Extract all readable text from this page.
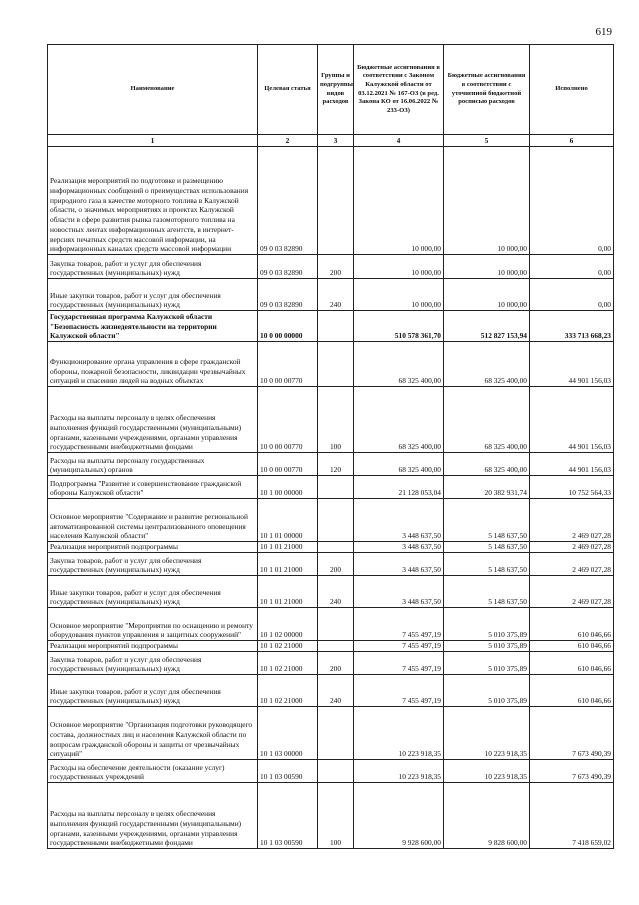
619
Наименование	Целевая статья	Группы и подгруппы видов расходов	Бюджетные ассигнования в соответствии с Законом Калужской области от 03.12.2021 № 167-ОЗ (в ред. Закона КО от 16.06.2022 № 233-ОЗ)	Бюджетные ассигнования в соответствии с уточненной бюджетной росписью расходов	Исполнено
1	2	3	4	5	6
Реализация мероприятий по подготовке и размещению информационных сообщений о преимуществах использования природного газа в качестве моторного топлива в Калужской области, о значимых мероприятиях и проектах Калужской области в сфере развития рынка газомоторного топлива на новостных лентах информационных агентств, в интернет-версиях печатных средств массовой информации, на информационных каналах средств массовой информации	09 0 03 82890		10 000,00	10 000,00	0,00
Закупка товаров, работ и услуг для обеспечения государственных (муниципальных) нужд	09 0 03 82890	200	10 000,00	10 000,00	0,00
Иные закупки товаров, работ и услуг для обеспечения государственных (муниципальных) нужд	09 0 03 82890	240	10 000,00	10 000,00	0,00
Государственная программа Калужской области "Безопасность жизнедеятельности на территории Калужской области"	10 0 00 00000		510 578 361,70	512 827 153,94	333 713 668,23
Функционирование органа управления в сфере гражданской обороны, пожарной безопасности, ликвидации чрезвычайных ситуаций и спасению людей на водных объектах	10 0 00 00770		68 325 400,00	68 325 400,00	44 901 156,03
Расходы на выплаты персоналу в целях обеспечения выполнения функций государственными (муниципальными) органами, казенными учреждениями, органами управления государственными внебюджетными фондами	10 0 00 00770	100	68 325 400,00	68 325 400,00	44 901 156,03
Расходы на выплаты персоналу государственных (муниципальных) органов	10 0 00 00770	120	68 325 400,00	68 325 400,00	44 901 156,03
Подпрограмма "Развитие и совершенствование гражданской обороны Калужской области"	10 1 00 00000		21 128 053,04	20 382 931,74	10 752 564,33
Основное мероприятие "Содержание и развитие региональной автоматизированной системы централизованного оповещения населения Калужской области"	10 1 01 00000		3 448 637,50	5 148 637,50	2 469 027,28
Реализация мероприятий подпрограммы	10 1 01 21000		3 448 637,50	5 148 637,50	2 469 027,28
Закупка товаров, работ и услуг для обеспечения государственных (муниципальных) нужд	10 1 01 21000	200	3 448 637,50	5 148 637,50	2 469 027,28
Иные закупки товаров, работ и услуг для обеспечения государственных (муниципальных) нужд	10 1 01 21000	240	3 448 637,50	5 148 637,50	2 469 027,28
Основное мероприятие "Мероприятия по оснащению и ремонту оборудования пунктов управления и защитных сооружений"	10 1 02 00000		7 455 497,19	5 010 375,89	610 046,66
Реализация мероприятий подпрограммы	10 1 02 21000		7 455 497,19	5 010 375,89	610 046,66
Закупка товаров, работ и услуг для обеспечения государственных (муниципальных) нужд	10 1 02 21000	200	7 455 497,19	5 010 375,89	610 046,66
Иные закупки товаров, работ и услуг для обеспечения государственных (муниципальных) нужд	10 1 02 21000	240	7 455 497,19	5 010 375,89	610 046,66
Основное мероприятие "Организация подготовки руководящего состава, должностных лиц и населения Калужской области по вопросам гражданской обороны и защиты от чрезвычайных ситуаций"	10 1 03 00000		10 223 918,35	10 223 918,35	7 673 490,39
Расходы на обеспечение деятельности (оказание услуг) государственных учреждений	10 1 03 00590		10 223 918,35	10 223 918,35	7 673 490,39
Расходы на выплаты персоналу в целях обеспечения выполнения функций государственными (муниципальными) органами, казенными учреждениями, органами управления государственными внебюджетными фондами	10 1 03 00590	100	9 928 600,00	9 828 600,00	7 418 659,02
